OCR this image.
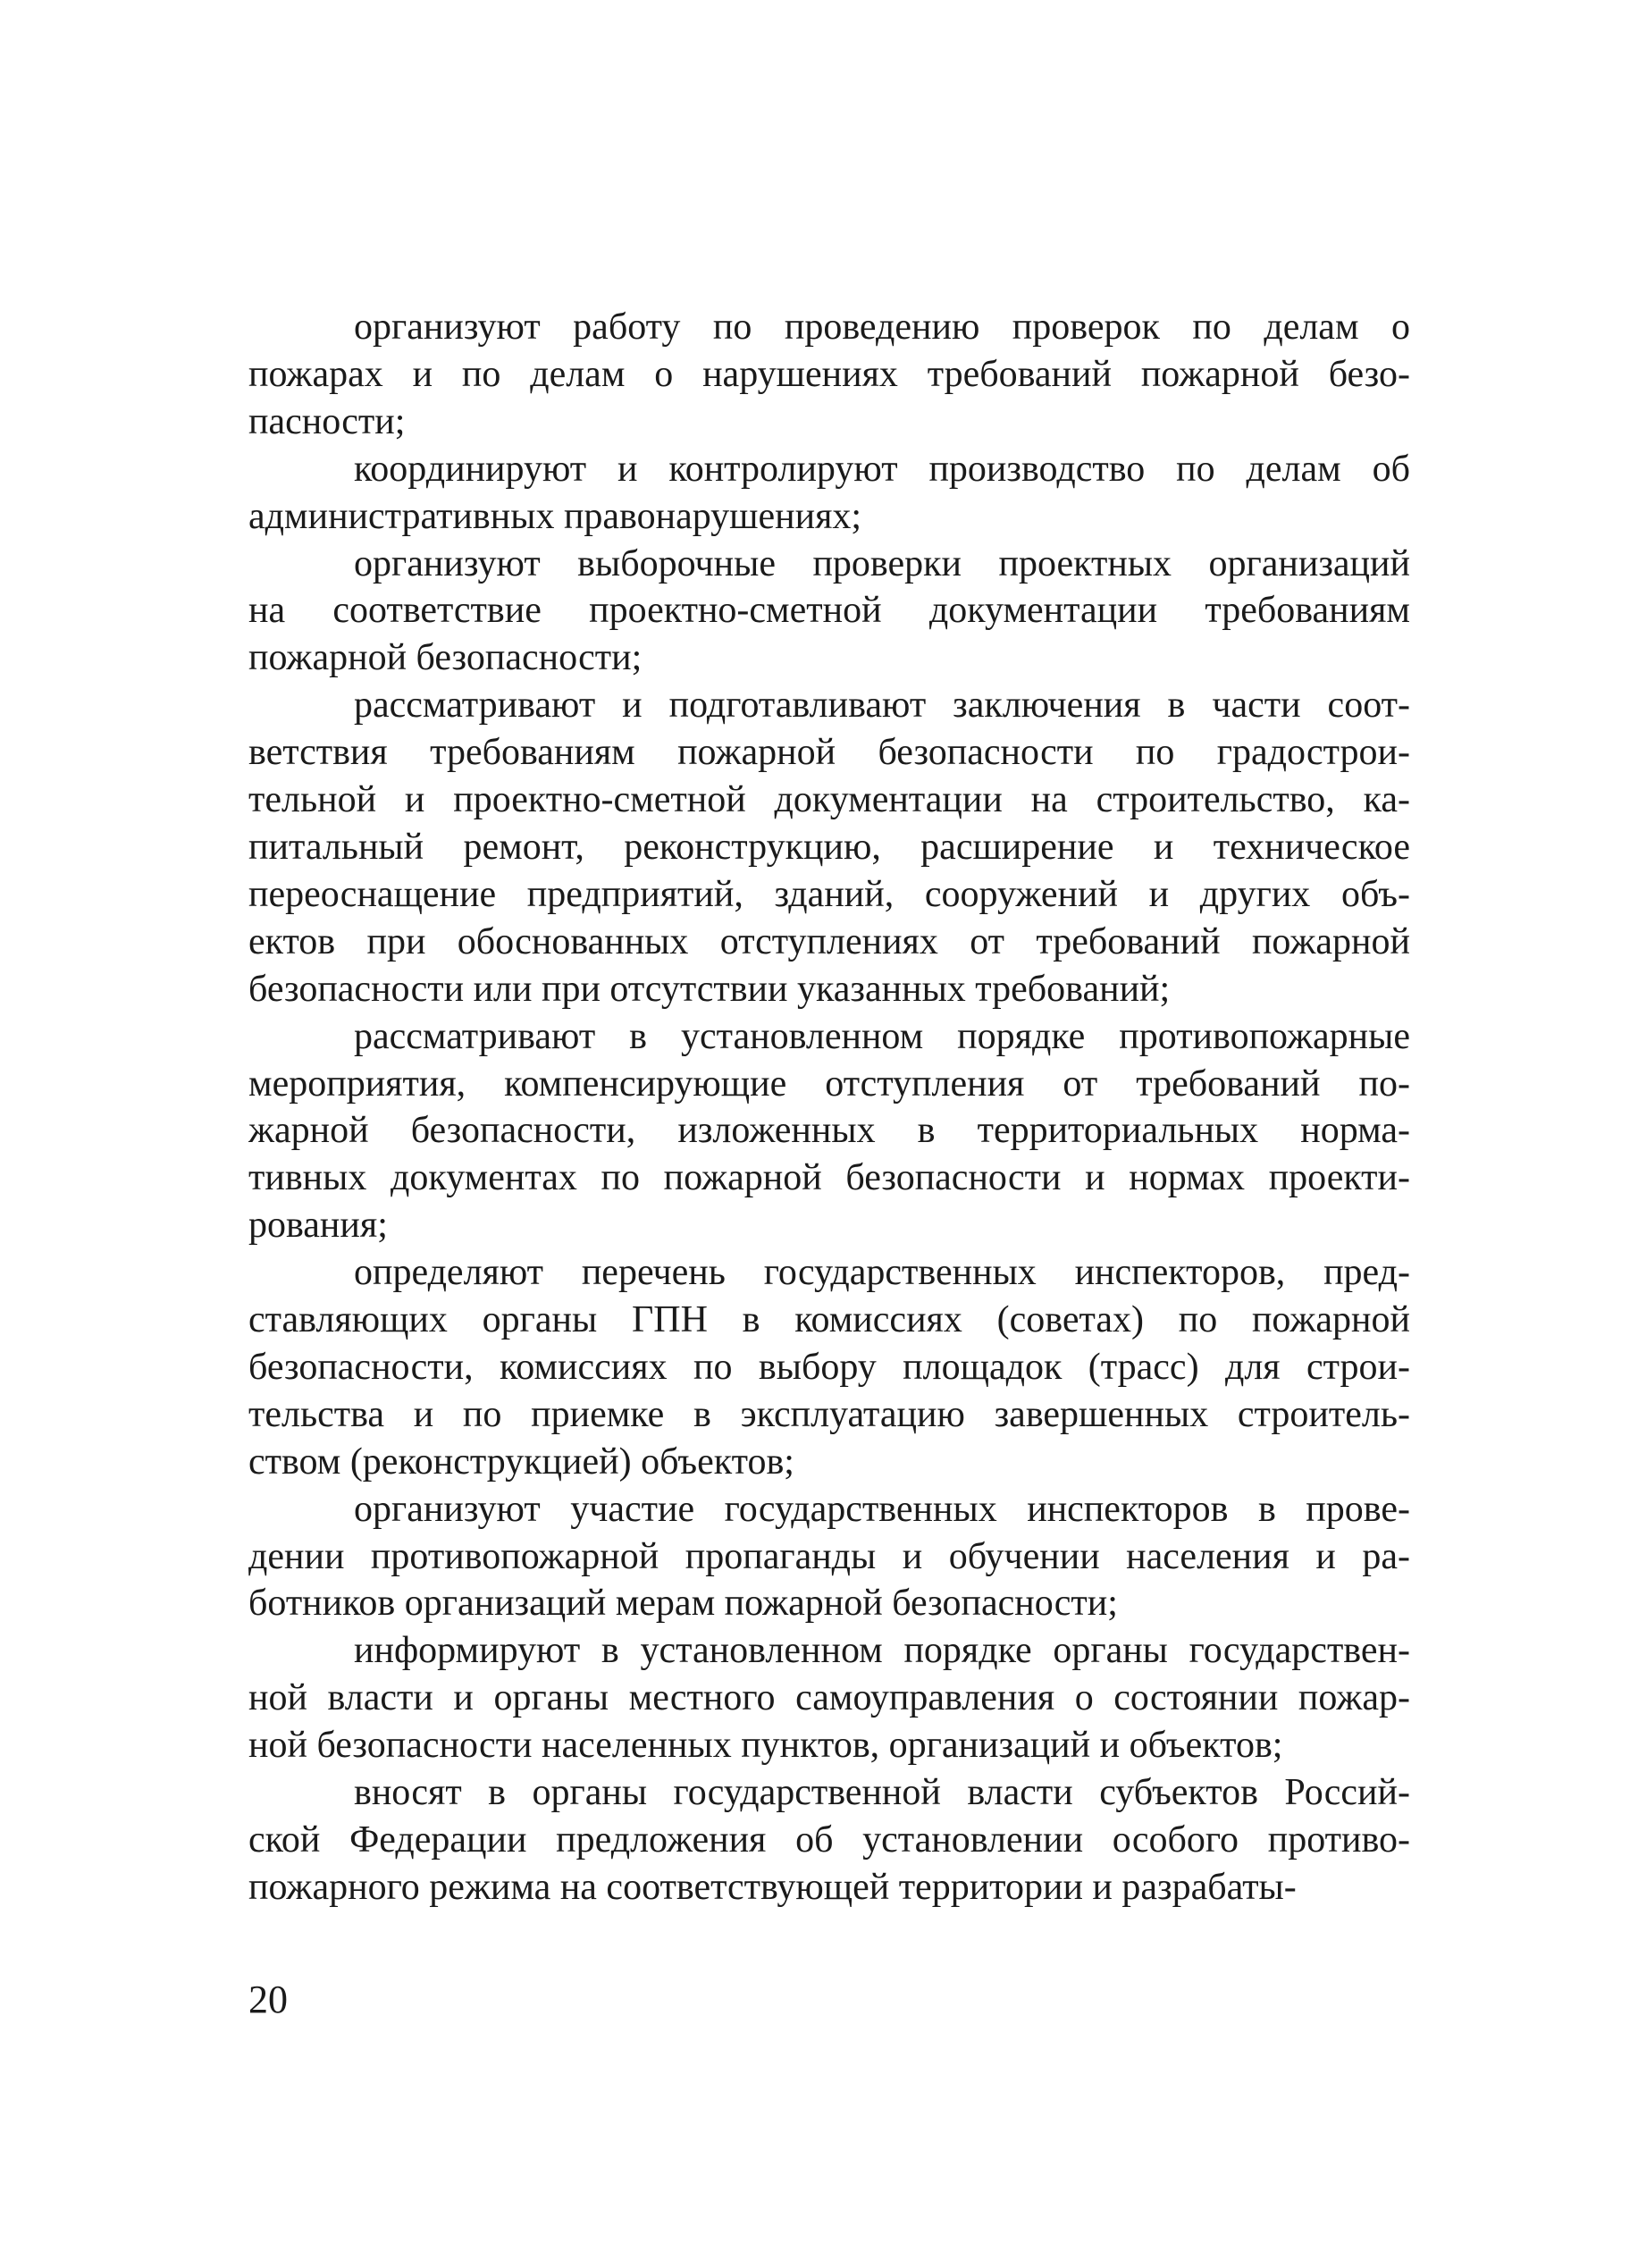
организуют работу по проведению проверок по делам о
пожарах и по делам о нарушениях требований пожарной безо-
пасности;
координируют и контролируют производство по делам об
административных правонарушениях;
организуют выборочные проверки проектных организаций
на соответствие проектно-сметной документации требованиям
пожарной безопасности;
рассматривают и подготавливают заключения в части соот-
ветствия требованиям пожарной безопасности по градострои-
тельной и проектно-сметной документации на строительство, ка-
питальный ремонт, реконструкцию, расширение и техническое
переоснащение предприятий, зданий, сооружений и других объ-
ектов при обоснованных отступлениях от требований пожарной
безопасности или при отсутствии указанных требований;
рассматривают в установленном порядке противопожарные
мероприятия, компенсирующие отступления от требований по-
жарной безопасности, изложенных в территориальных норма-
тивных документах по пожарной безопасности и нормах проекти-
рования;
определяют перечень государственных инспекторов, пред-
ставляющих органы ГПН в комиссиях (советах) по пожарной
безопасности, комиссиях по выбору площадок (трасс) для строи-
тельства и по приемке в эксплуатацию завершенных строитель-
ством (реконструкцией) объектов;
организуют участие государственных инспекторов в прове-
дении противопожарной пропаганды и обучении населения и ра-
ботников организаций мерам пожарной безопасности;
информируют в установленном порядке органы государствен-
ной власти и органы местного самоуправления о состоянии пожар-
ной безопасности населенных пунктов, организаций и объектов;
вносят в органы государственной власти субъектов Россий-
ской Федерации предложения об установлении особого противо-
пожарного режима на соответствующей территории и разрабаты-
20
